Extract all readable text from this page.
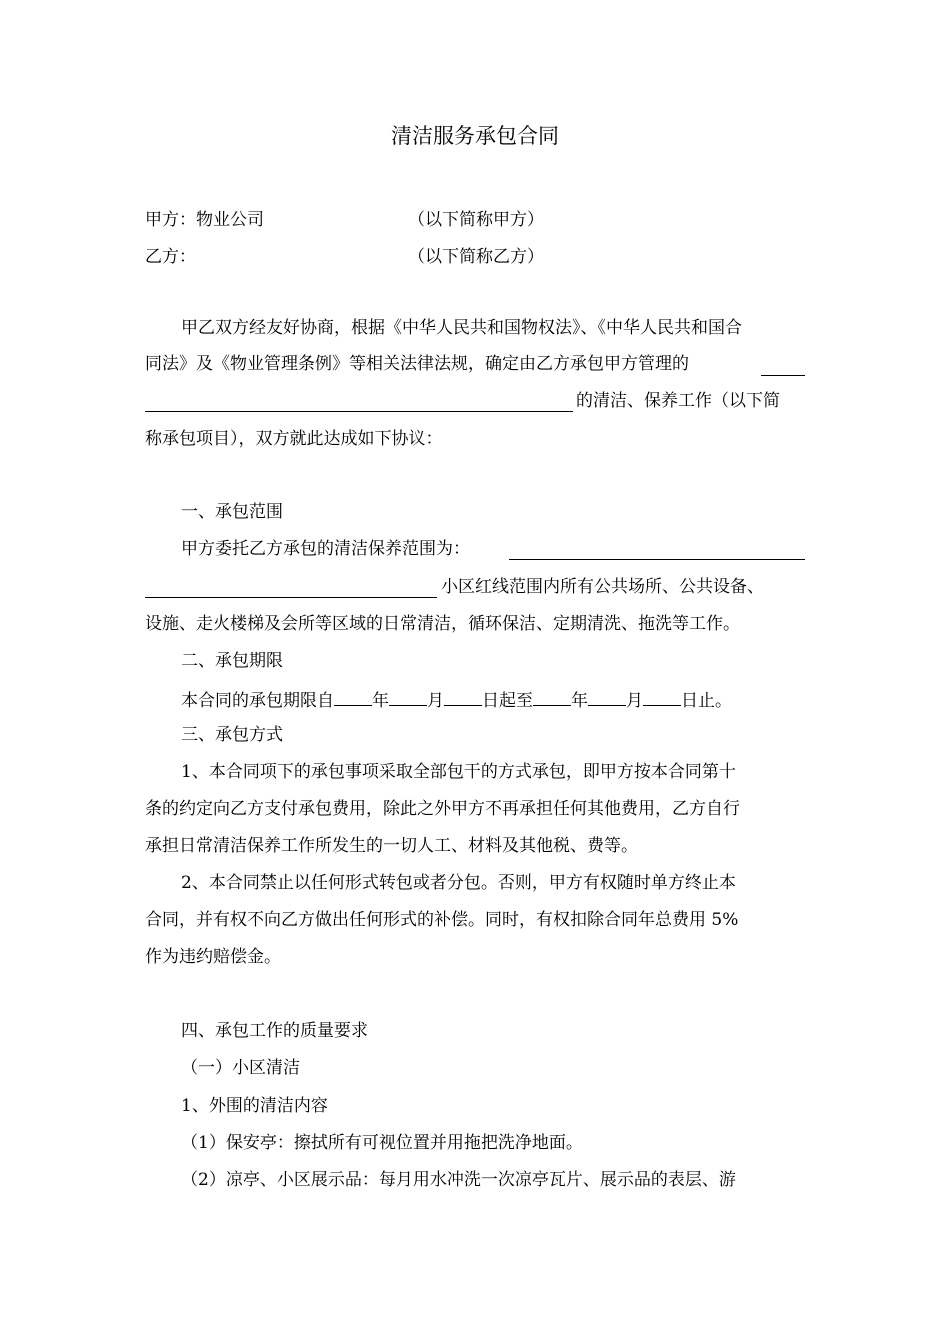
清洁服务承包合同
甲方：物业公司	（以下简称甲方）
乙方：	（以下简称乙方）
甲乙双方经友好协商，根据《中华人民共和国物权法》、《中华人民共和国合
同法》及《物业管理条例》等相关法律法规，确定由乙方承包甲方管理的
的清洁、保养工作（以下简
称承包项目），双方就此达成如下协议：
一、承包范围
甲方委托乙方承包的清洁保养范围为：
小区红线范围内所有公共场所、公共设备、
设施、走火楼梯及会所等区域的日常清洁，循环保洁、定期清洗、拖洗等工作。
二、承包期限
本合同的承包期限自 年 月 日起至 年 月 日止。
三、承包方式
1、本合同项下的承包事项采取全部包干的方式承包，即甲方按本合同第十
条的约定向乙方支付承包费用，除此之外甲方不再承担任何其他费用，乙方自行
承担日常清洁保养工作所发生的一切人工、材料及其他税、费等。
2、本合同禁止以任何形式转包或者分包。否则，甲方有权随时单方终止本
合同，并有权不向乙方做出任何形式的补偿。同时，有权扣除合同年总费用 5%
作为违约赔偿金。
四、承包工作的质量要求
（一）小区清洁
1、外围的清洁内容
（1）保安亭：擦拭所有可视位置并用拖把洗净地面。
（2）凉亭、小区展示品：每月用水冲洗一次凉亭瓦片、展示品的表层、游
